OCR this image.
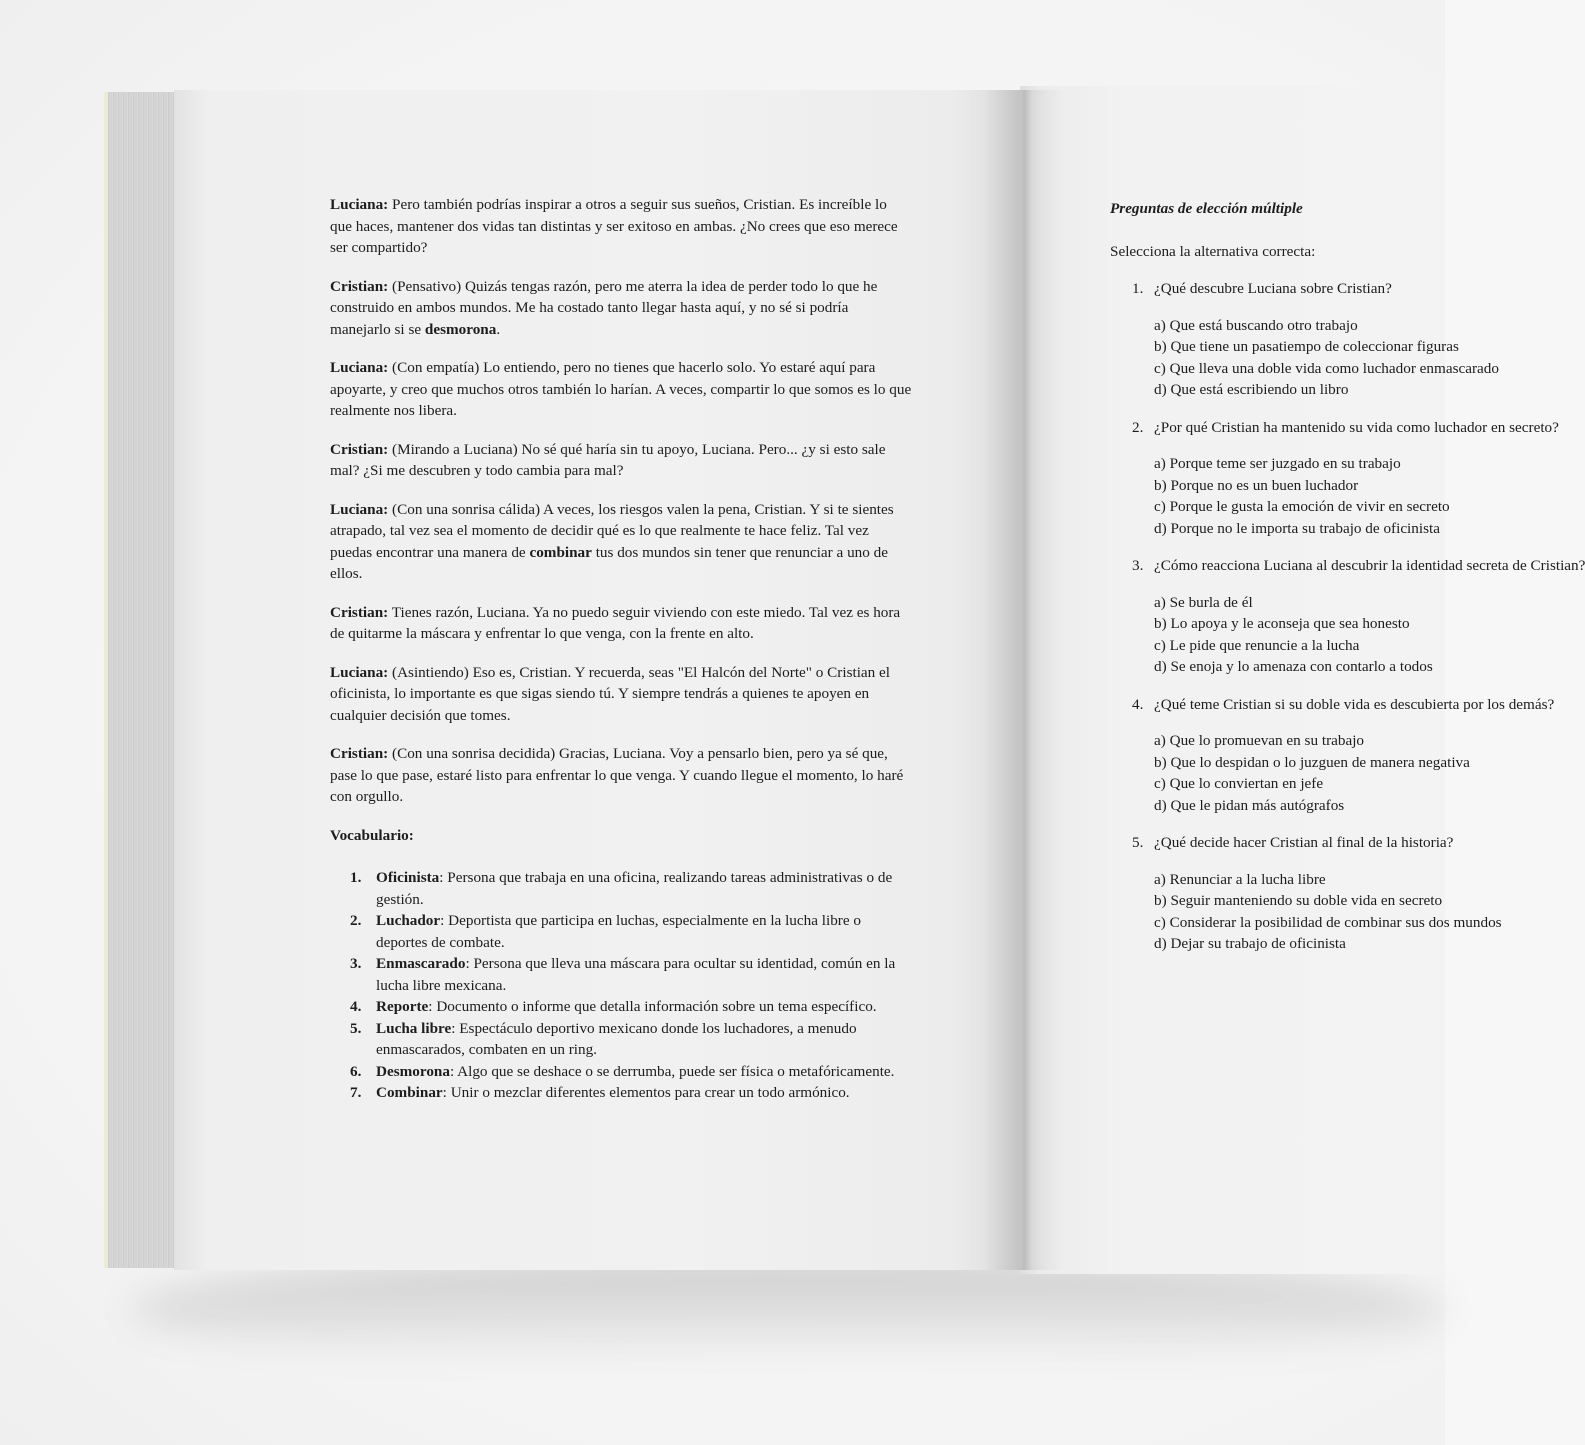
Luciana: Pero también podrías inspirar a otros a seguir sus sueños, Cristian. Es increíble lo que haces, mantener dos vidas tan distintas y ser exitoso en ambas. ¿No crees que eso merece ser compartido?

Cristian: (Pensativo) Quizás tengas razón, pero me aterra la idea de perder todo lo que he construido en ambos mundos. Me ha costado tanto llegar hasta aquí, y no sé si podría manejarlo si se desmorona.

Luciana: (Con empatía) Lo entiendo, pero no tienes que hacerlo solo. Yo estaré aquí para apoyarte, y creo que muchos otros también lo harían. A veces, compartir lo que somos es lo que realmente nos libera.

Cristian: (Mirando a Luciana) No sé qué haría sin tu apoyo, Luciana. Pero... ¿y si esto sale mal? ¿Si me descubren y todo cambia para mal?

Luciana: (Con una sonrisa cálida) A veces, los riesgos valen la pena, Cristian. Y si te sientes atrapado, tal vez sea el momento de decidir qué es lo que realmente te hace feliz. Tal vez puedas encontrar una manera de combinar tus dos mundos sin tener que renunciar a uno de ellos.

Cristian: Tienes razón, Luciana. Ya no puedo seguir viviendo con este miedo. Tal vez es hora de quitarme la máscara y enfrentar lo que venga, con la frente en alto.

Luciana: (Asintiendo) Eso es, Cristian. Y recuerda, seas "El Halcón del Norte" o Cristian el oficinista, lo importante es que sigas siendo tú. Y siempre tendrás a quienes te apoyen en cualquier decisión que tomes.

Cristian: (Con una sonrisa decidida) Gracias, Luciana. Voy a pensarlo bien, pero ya sé que, pase lo que pase, estaré listo para enfrentar lo que venga. Y cuando llegue el momento, lo haré con orgullo.

Vocabulario:
1. Oficinista: Persona que trabaja en una oficina, realizando tareas administrativas o de gestión.
2. Luchador: Deportista que participa en luchas, especialmente en la lucha libre o deportes de combate.
3. Enmascarado: Persona que lleva una máscara para ocultar su identidad, común en la lucha libre mexicana.
4. Reporte: Documento o informe que detalla información sobre un tema específico.
5. Lucha libre: Espectáculo deportivo mexicano donde los luchadores, a menudo enmascarados, combaten en un ring.
6. Desmorona: Algo que se deshace o se derrumba, puede ser física o metafóricamente.
7. Combinar: Unir o mezclar diferentes elementos para crear un todo armónico.
Preguntas de elección múltiple
Selecciona la alternativa correcta:
1. ¿Qué descubre Luciana sobre Cristian?
a) Que está buscando otro trabajo
b) Que tiene un pasatiempo de coleccionar figuras
c) Que lleva una doble vida como luchador enmascarado
d) Que está escribiendo un libro
2. ¿Por qué Cristian ha mantenido su vida como luchador en secreto?
a) Porque teme ser juzgado en su trabajo
b) Porque no es un buen luchador
c) Porque le gusta la emoción de vivir en secreto
d) Porque no le importa su trabajo de oficinista
3. ¿Cómo reacciona Luciana al descubrir la identidad secreta de Cristian?
a) Se burla de él
b) Lo apoya y le aconseja que sea honesto
c) Le pide que renuncie a la lucha
d) Se enoja y lo amenaza con contarlo a todos
4. ¿Qué teme Cristian si su doble vida es descubierta por los demás?
a) Que lo promuevan en su trabajo
b) Que lo despidan o lo juzguen de manera negativa
c) Que lo conviertan en jefe
d) Que le pidan más autógrafos
5. ¿Qué decide hacer Cristian al final de la historia?
a) Renunciar a la lucha libre
b) Seguir manteniendo su doble vida en secreto
c) Considerar la posibilidad de combinar sus dos mundos
d) Dejar su trabajo de oficinista
